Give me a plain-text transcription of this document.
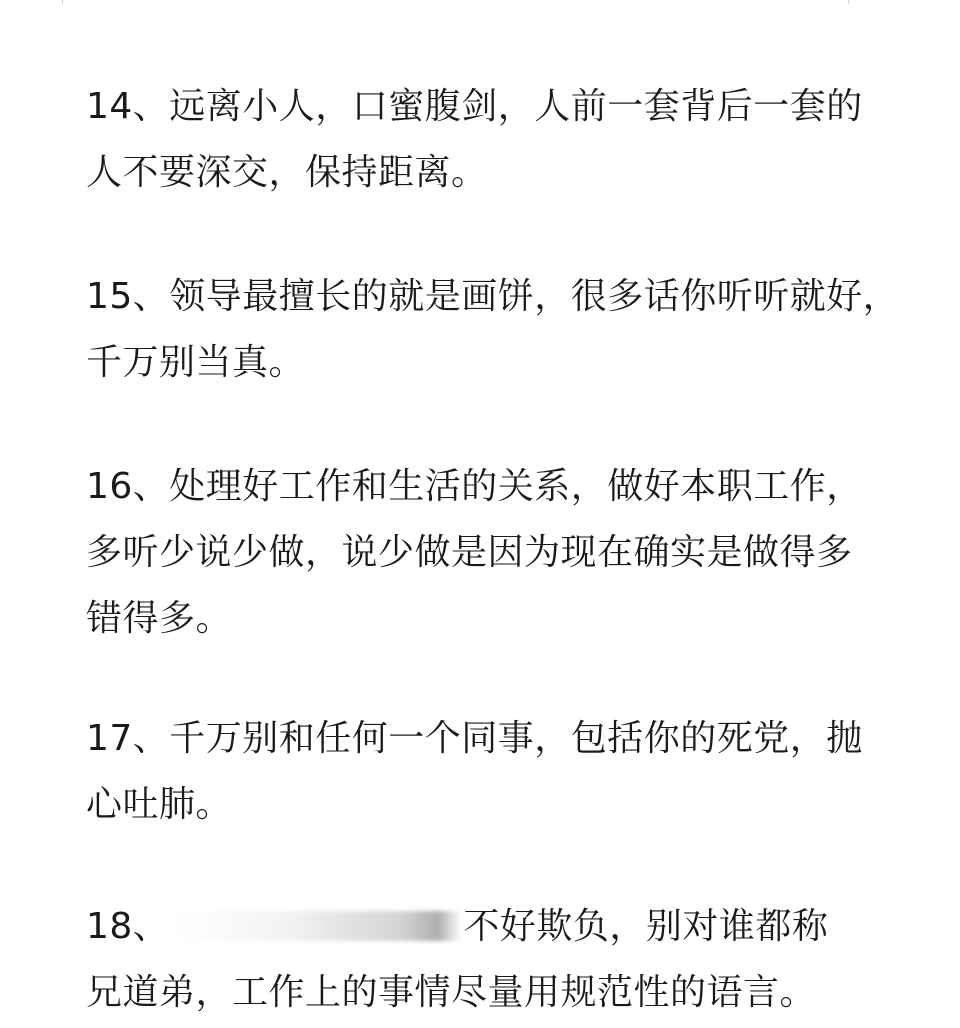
14、远离小人，口蜜腹剑，人前一套背后一套的
人不要深交，保持距离。

15、领导最擅长的就是画饼，很多话你听听就好，
千万别当真。

16、处理好工作和生活的关系，做好本职工作，
多听少说少做，说少做是因为现在确实是做得多
错得多。

17、千万别和任何一个同事，包括你的死党，抛
心吐肺。

18、	不好欺负，别对谁都称
兄道弟，工作上的事情尽量用规范性的语言。
